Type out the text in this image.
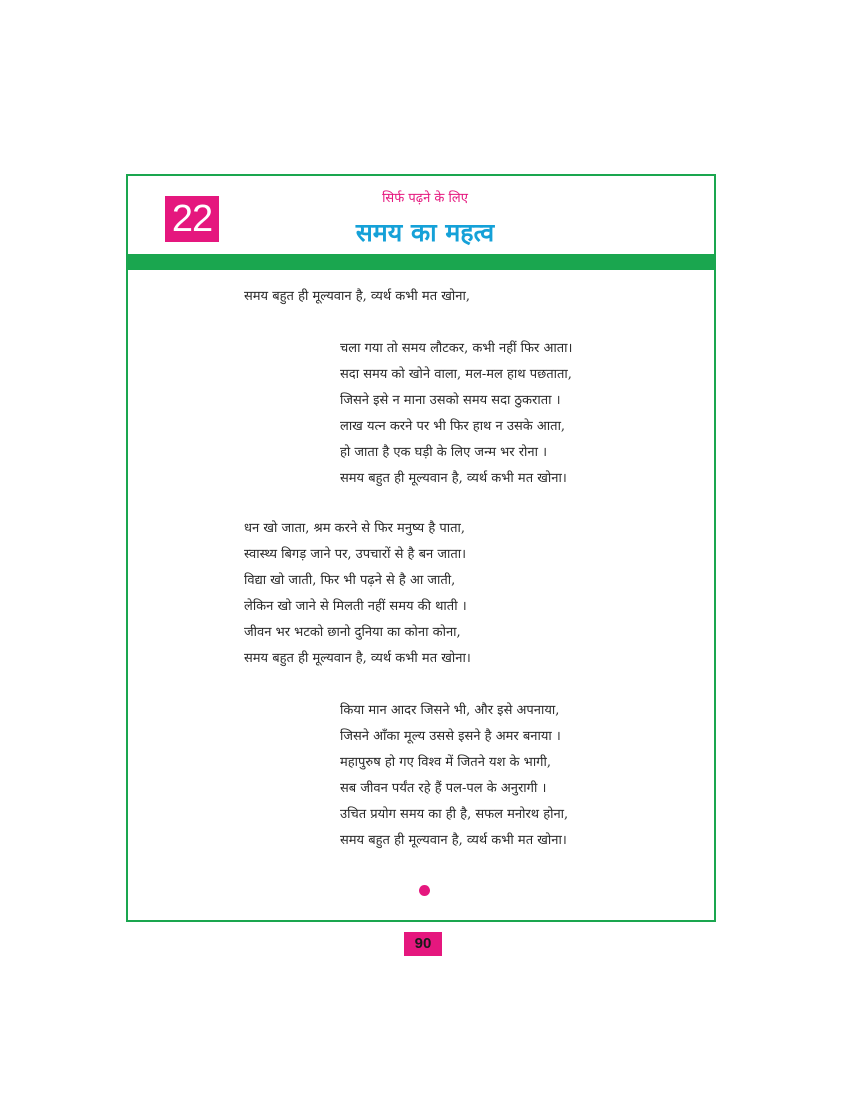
22	सिर्फ पढ़ने के लिए
समय का महत्व
समय बहुत ही मूल्यवान है, व्यर्थ कभी मत खोना,
चला गया तो समय लौटकर, कभी नहीं फिर आता।
सदा समय को खोने वाला, मल-मल हाथ पछताता,
जिसने इसे न माना उसको समय सदा ठुकराता ।
लाख यत्न करने पर भी फिर हाथ न उसके आता,
हो जाता है एक घड़ी के लिए जन्म भर रोना ।
समय बहुत ही मूल्यवान है, व्यर्थ कभी मत खोना।
धन खो जाता, श्रम करने से फिर मनुष्य है पाता,
स्वास्थ्य बिगड़ जाने पर, उपचारों से है बन जाता।
विद्या खो जाती, फिर भी पढ़ने से है आ जाती,
लेकिन खो जाने से मिलती नहीं समय की थाती ।
जीवन भर भटको छानो दुनिया का कोना कोना,
समय बहुत ही मूल्यवान है, व्यर्थ कभी मत खोना।
किया मान आदर जिसने भी, और इसे अपनाया,
जिसने आँका मूल्य उससे इसने है अमर बनाया ।
महापुरुष हो गए विश्व में जितने यश के भागी,
सब जीवन पर्यंत रहे हैं पल-पल के अनुरागी ।
उचित प्रयोग समय का ही है, सफल मनोरथ होना,
समय बहुत ही मूल्यवान है, व्यर्थ कभी मत खोना।
90
